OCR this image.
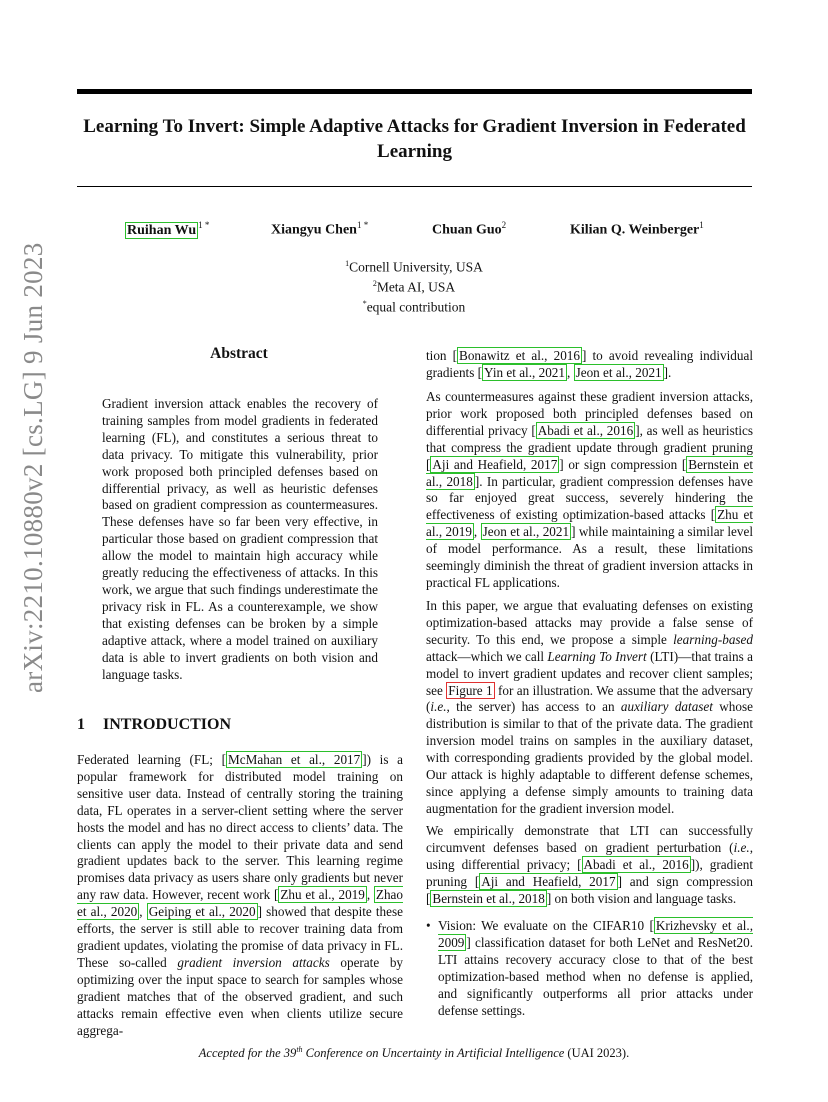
Learning To Invert: Simple Adaptive Attacks for Gradient Inversion in Federated Learning
Ruihan Wu $^{1 *}$	Xiangyu Chen$^{1 *}$	Chuan Guo$^2$	Kilian Q. Weinberger$^1$
$^1$Cornell University, USA
$^2$Meta AI, USA
*equal contribution
arXiv:2210.10880v2 [cs.LG] 9 Jun 2023	Abstract

Gradient inversion attack enables the recovery of training samples from model gradients in federated learning (FL), and constitutes a serious threat to data privacy. To mitigate this vulnerability, prior work proposed both principled defenses based on differential privacy, as well as heuristic defenses based on gradient compression as countermeasures. These defenses have so far been very effective, in particular those based on gradient compression that allow the model to maintain high accuracy while greatly reducing the effectiveness of attacks. In this work, we argue that such findings underestimate the privacy risk in FL. As a counterexample, we show that existing defenses can be broken by a simple adaptive attack, where a model trained on auxiliary data is able to invert gradients on both vision and language tasks.

1 INTRODUCTION

Federated learning (FL; [ McMahan et al., 2017 ]) is a popular framework for distributed model training on sensitive user data. Instead of centrally storing the training data, FL operates in a server-client setting where the server hosts the model and has no direct access to clients’ data. The clients can apply the model to their private data and send gradient updates back to the server. This learning regime promises data privacy as users share only gradients but never any raw data. However, recent work [ Zhu et al., 2019 , Zhao et al., 2020 , Geiping et al., 2020 ] showed that despite these efforts, the server is still able to recover training data from gradient updates, violating the promise of data privacy in FL. These so-called gradient inversion attacks operate by optimizing over the input space to search for samples whose gradient matches that of the observed gradient, and such attacks remain effective even when clients utilize secure aggrega-

tion [ Bonawitz et al., 2016 ] to avoid revealing individual gradients [ Yin et al., 2021 , Jeon et al., 2021 ].

As countermeasures against these gradient inversion attacks, prior work proposed both principled defenses based on differential privacy [ Abadi et al., 2016 ], as well as heuristics that compress the gradient update through gradient pruning [ Aji and Heafield, 2017 ] or sign compression [ Bernstein et al., 2018 ]. In particular, gradient compression defenses have so far enjoyed great success, severely hindering the effectiveness of existing optimization-based attacks [ Zhu et al., 2019 , Jeon et al., 2021 ] while maintaining a similar level of model performance. As a result, these limitations seemingly diminish the threat of gradient inversion attacks in practical FL applications.

In this paper, we argue that evaluating defenses on existing optimization-based attacks may provide a false sense of security. To this end, we propose a simple learning-based attack—which we call Learning To Invert (LTI)—that trains a model to invert gradient updates and recover client samples; see Figure 1 for an illustration. We assume that the adversary (i.e., the server) has access to an auxiliary dataset whose distribution is similar to that of the private data. The gradient inversion model trains on samples in the auxiliary dataset, with corresponding gradients provided by the global model. Our attack is highly adaptable to different defense schemes, since applying a defense simply amounts to training data augmentation for the gradient inversion model.

We empirically demonstrate that LTI can successfully circumvent defenses based on gradient perturbation (i.e., using differential privacy; [ Abadi et al., 2016 ]), gradient pruning [ Aji and Heafield, 2017 ] and sign compression [ Bernstein et al., 2018 ] on both vision and language tasks.

• Vision: We evaluate on the CIFAR10 [ Krizhevsky et al., 2009 ] classification dataset for both LeNet and ResNet20. LTI attains recovery accuracy close to that of the best optimization-based method when no defense is applied, and significantly outperforms all prior attacks under defense settings.
Accepted for the 39th Conference on Uncertainty in Artificial Intelligence (UAI 2023).
